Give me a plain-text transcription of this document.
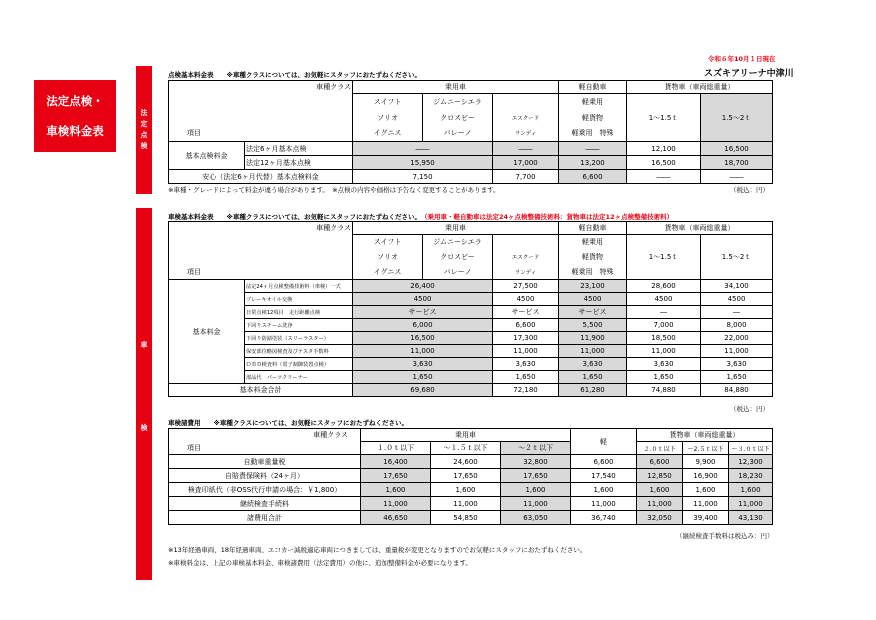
令和６年10月１日現在
スズキアリーナ中津川
法定点検・
車検料金表
法
定
点
検
車
検
点検基本料金表　　 ※車種クラスについては、お気軽にスタッフにおたずねください。
車種クラス		乗用車			軽自動車	貨物車（車両総重量）	
		スイフト	ジムニーシエラ		軽乗用	1～1.5ｔ	1.5～2ｔ
		ソリオ	クロスビー	エスクード	軽貨物		
項目		イグニス	バレーノ	ランディ	軽乗用　特殊		
基本点検料金	法定6ヶ月基本点検	――		――	――	12,100	16,500
	法定12ヶ月基本点検	15,950		17,000	13,200	16,500	18,700
安心（法定6ヶ月代替）基本点検料金		7,150		7,700	6,600	――	――
※車種・グレードによって料金が違う場合があります。　※点検の内容や価格は予告なく変更することがあります。	（税込：円）
車検基本料金表　　 ※車種クラスについては、お気軽にスタッフにおたずねください。　 （乗用車・軽自動車は法定24ヶ点検整備技術料：貨物車は法定12ヶ点検整備技術料）
車種クラス		乗用車			軽自動車	貨物車（車両総重量）	
		スイフト	ジムニーシエラ		軽乗用	1～1.5ｔ	1.5～2ｔ
		ソリオ	クロスビー	エスクード	軽貨物		
項目		イグニス	バレーノ	ランディ	軽乗用　特殊		
基本料金	法定24ヶ月点検整備技術料（車検）一式	26,400		27,500	23,100	28,600	34,100
	ブレーキオイル交換	4500		4500	4500	4500	4500
	日常点検12項目　走行距離点検	サービス		サービス	サービス	―	―
	下回りスチーム洗浄	6,000		6,600	5,500	7,000	8,000
	下回り防錆塗装（スリーラスター）	16,500		17,300	11,900	18,500	22,000
	保安部位略図検査及びテスタ手数料	11,000		11,000	11,000	11,000	11,000
	ＯＢＤ検査料（電子制御装置点検）	3,630		3,630	3,630	3,630	3,630
	部品代　パーツクリーナー	1,650		1,650	1,650	1,650	1,650
基本料金合計		69,680		72,180	61,280	74,880	84,880
（税込：円）
車検諸費用　　 ※車種クラスについては、お気軽にスタッフにおたずねください。
車種クラス	乗用車			軽	貨物車（車両総重量）		
項目	１.０ｔ以下	～１.５ｔ以下	～２ｔ以下		２.０ｔ以下	～2.５ｔ以下	～３.０ｔ以下
自動車重量税	16,400	24,600	32,800	6,600	6,600	9,900	12,300
自賠責保険料（24ヶ月）	17,650	17,650	17,650	17,540	12,850	16,900	18,230
検査印紙代（非OSS代行申請の場合：￥1,800）	1,600	1,600	1,600	1,600	1,600	1,600	1,600
継続検査手続料	11,000	11,000	11,000	11,000	11,000	11,000	11,000
諸費用合計	46,650	54,850	63,050	36,740	32,050	39,400	43,130
（継続検査手数料は税込み：円）
※13年経過車両、18年経過車両、エコカー減税適応車両につきましては、重量税が変更となりますのでお気軽にスタッフにおたずねください。
※車検料金は、上記の車検基本料金、車検諸費用（法定費用）の他に、追加整備料金が必要になります。
